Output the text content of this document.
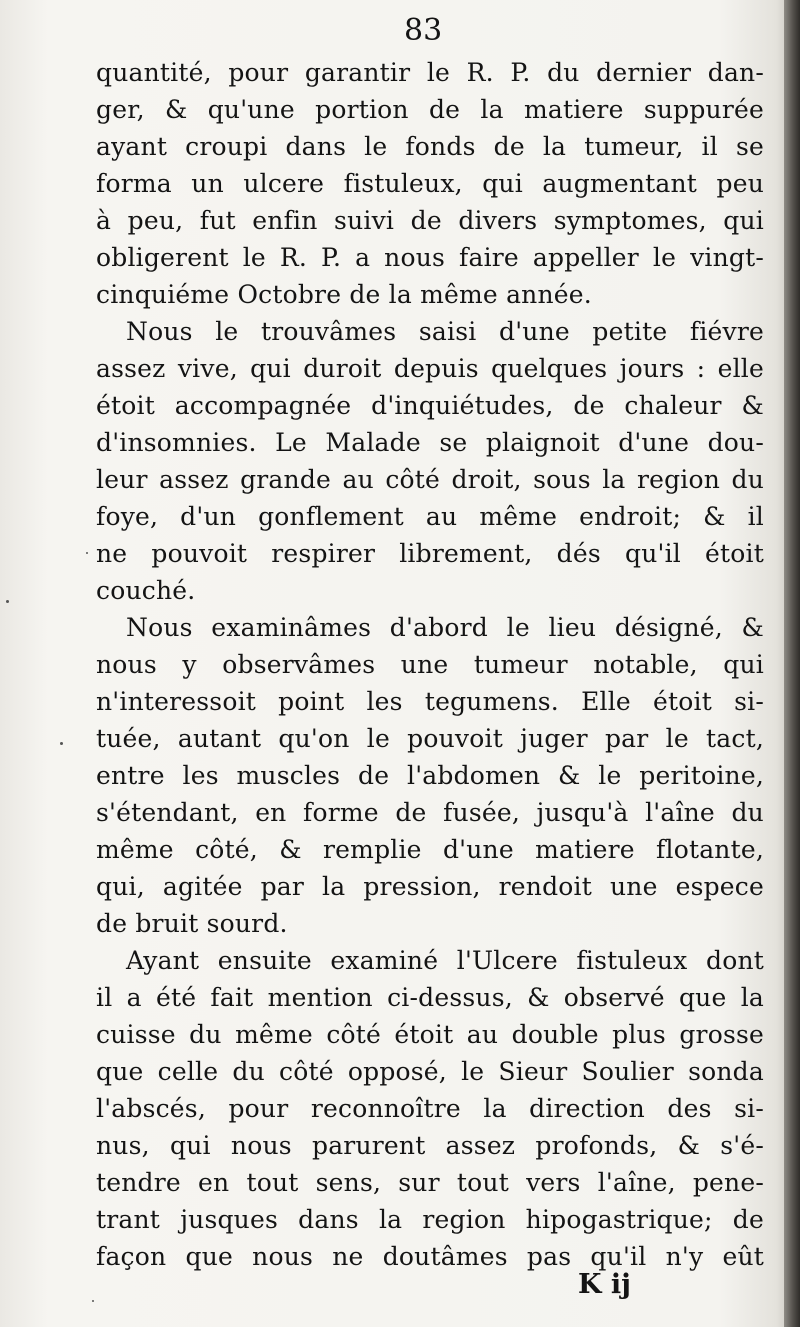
83
quantité, pour garantir le R. P. du dernier dan-
ger, & qu'une portion de la matiere suppurée
ayant croupi dans le fonds de la tumeur, il se
forma un ulcere fistuleux, qui augmentant peu
à peu, fut enfin suivi de divers symptomes, qui
obligerent le R. P. a nous faire appeller le vingt-
cinquiéme Octobre de la même année.
Nous le trouvâmes saisi d'une petite fiévre
assez vive, qui duroit depuis quelques jours : elle
étoit accompagnée d'inquiétudes, de chaleur &
d'insomnies. Le Malade se plaignoit d'une dou-
leur assez grande au côté droit, sous la region du
foye, d'un gonflement au même endroit; & il
ne pouvoit respirer librement, dés qu'il étoit
couché.
Nous examinâmes d'abord le lieu désigné, &
nous y observâmes une tumeur notable, qui
n'interessoit point les tegumens. Elle étoit si-
tuée, autant qu'on le pouvoit juger par le tact,
entre les muscles de l'abdomen & le peritoine,
s'étendant, en forme de fusée, jusqu'à l'aîne du
même côté, & remplie d'une matiere flotante,
qui, agitée par la pression, rendoit une espece
de bruit sourd.
Ayant ensuite examiné l'Ulcere fistuleux dont
il a été fait mention ci-dessus, & observé que la
cuisse du même côté étoit au double plus grosse
que celle du côté opposé, le Sieur Soulier sonda
l'abscés, pour reconnoître la direction des si-
nus, qui nous parurent assez profonds, & s'é-
tendre en tout sens, sur tout vers l'aîne, pene-
trant jusques dans la region hipogastrique; de
façon que nous ne doutâmes pas qu'il n'y eût
K ij
